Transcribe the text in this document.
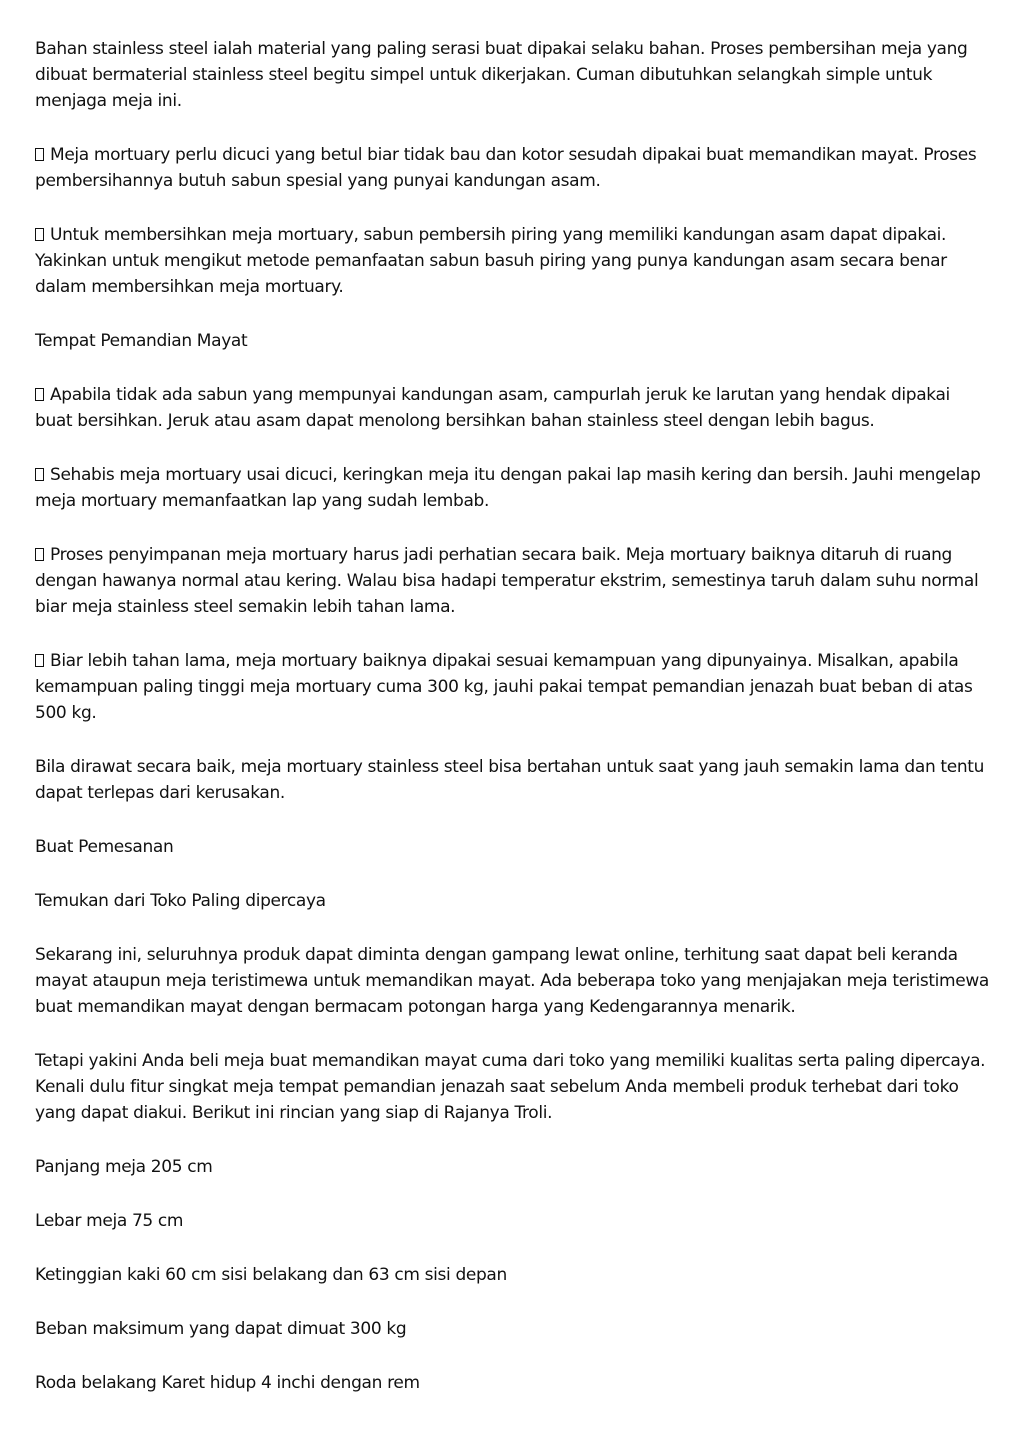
Bahan stainless steel ialah material yang paling serasi buat dipakai selaku bahan. Proses pembersihan meja yang dibuat bermaterial stainless steel begitu simpel untuk dikerjakan. Cuman dibutuhkan selangkah simple untuk menjaga meja ini.

Meja mortuary perlu dicuci yang betul biar tidak bau dan kotor sesudah dipakai buat memandikan mayat. Proses pembersihannya butuh sabun spesial yang punyai kandungan asam.

Untuk membersihkan meja mortuary, sabun pembersih piring yang memiliki kandungan asam dapat dipakai. Yakinkan untuk mengikut metode pemanfaatan sabun basuh piring yang punya kandungan asam secara benar dalam membersihkan meja mortuary.

Tempat Pemandian Mayat

Apabila tidak ada sabun yang mempunyai kandungan asam, campurlah jeruk ke larutan yang hendak dipakai buat bersihkan. Jeruk atau asam dapat menolong bersihkan bahan stainless steel dengan lebih bagus.

Sehabis meja mortuary usai dicuci, keringkan meja itu dengan pakai lap masih kering dan bersih. Jauhi mengelap meja mortuary memanfaatkan lap yang sudah lembab.

Proses penyimpanan meja mortuary harus jadi perhatian secara baik. Meja mortuary baiknya ditaruh di ruang dengan hawanya normal atau kering. Walau bisa hadapi temperatur ekstrim, semestinya taruh dalam suhu normal biar meja stainless steel semakin lebih tahan lama.

Biar lebih tahan lama, meja mortuary baiknya dipakai sesuai kemampuan yang dipunyainya. Misalkan, apabila kemampuan paling tinggi meja mortuary cuma 300 kg, jauhi pakai tempat pemandian jenazah buat beban di atas 500 kg.

Bila dirawat secara baik, meja mortuary stainless steel bisa bertahan untuk saat yang jauh semakin lama dan tentu dapat terlepas dari kerusakan.

Buat Pemesanan

Temukan dari Toko Paling dipercaya

Sekarang ini, seluruhnya produk dapat diminta dengan gampang lewat online, terhitung saat dapat beli keranda mayat ataupun meja teristimewa untuk memandikan mayat. Ada beberapa toko yang menjajakan meja teristimewa buat memandikan mayat dengan bermacam potongan harga yang Kedengarannya menarik.

Tetapi yakini Anda beli meja buat memandikan mayat cuma dari toko yang memiliki kualitas serta paling dipercaya. Kenali dulu fitur singkat meja tempat pemandian jenazah saat sebelum Anda membeli produk terhebat dari toko yang dapat diakui. Berikut ini rincian yang siap di Rajanya Troli.

Panjang meja 205 cm

Lebar meja 75 cm

Ketinggian kaki 60 cm sisi belakang dan 63 cm sisi depan

Beban maksimum yang dapat dimuat 300 kg

Roda belakang Karet hidup 4 inchi dengan rem
